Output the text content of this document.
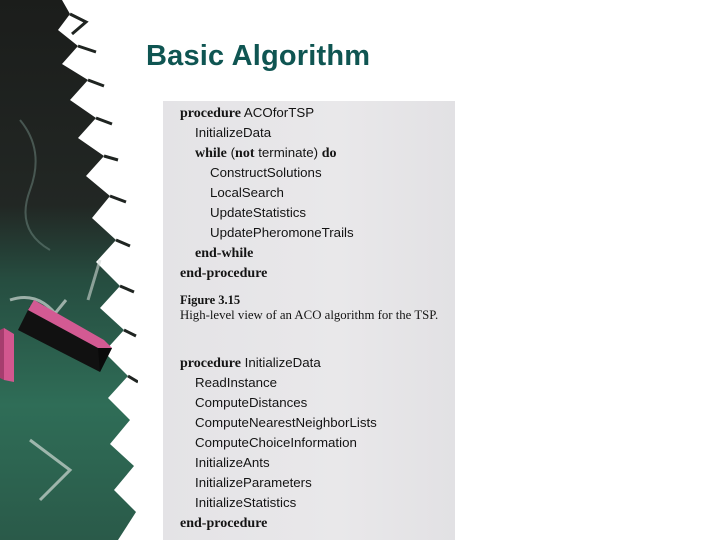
Basic Algorithm
procedure ACOforTSP
InitializeData
while (not terminate) do
ConstructSolutions
LocalSearch
UpdateStatistics
UpdatePheromoneTrails
end-while
end-procedure
Figure 3.15
High-level view of an ACO algorithm for the TSP.
procedure InitializeData
ReadInstance
ComputeDistances
ComputeNearestNeighborLists
ComputeChoiceInformation
InitializeAnts
InitializeParameters
InitializeStatistics
end-procedure
